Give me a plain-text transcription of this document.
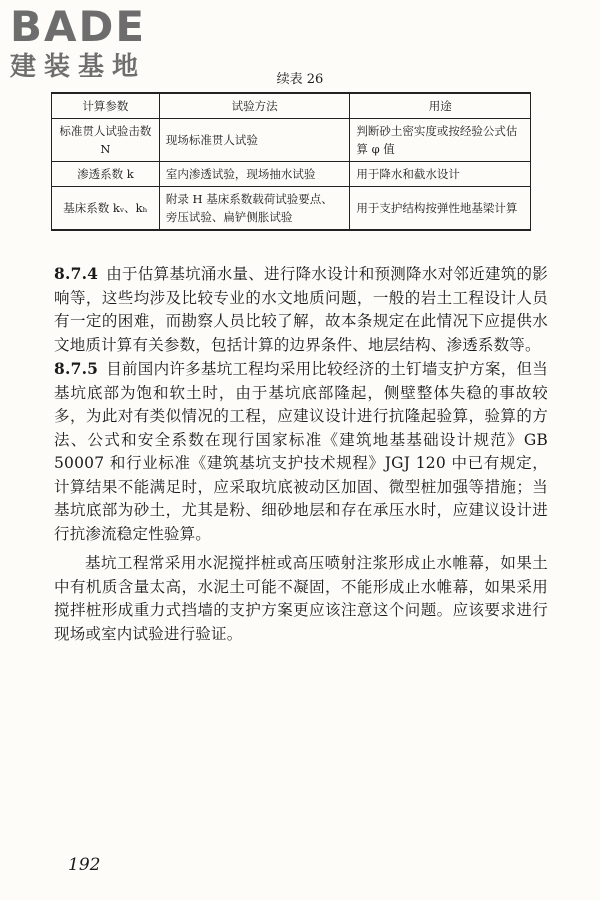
BADE
建装基地	续表 26
计算参数	试验方法	用途
标准贯人试验击数 N	现场标准贯人试验	判断砂土密实度或按经验公式估算 φ 值
渗透系数 k	室内渗透试验，现场抽水试验	用于降水和截水设计
基床系数 kᵥ、kₕ	附录 H 基床系数载荷试验要点、旁压试验、扁铲侧胀试验	用于支护结构按弹性地基梁计算

8.7.4 由于估算基坑涌水量、进行降水设计和预测降水对邻近建筑的影响等，这些均涉及比较专业的水文地质问题，一般的岩土工程设计人员有一定的困难，而勘察人员比较了解，故本条规定在此情况下应提供水文地质计算有关参数，包括计算的边界条件、地层结构、渗透系数等。

8.7.5 目前国内许多基坑工程均采用比较经济的土钉墙支护方案，但当基坑底部为饱和软土时，由于基坑底部隆起，侧壁整体失稳的事故较多，为此对有类似情况的工程，应建议设计进行抗隆起验算，验算的方法、公式和安全系数在现行国家标准《建筑地基基础设计规范》GB 50007 和行业标准《建筑基坑支护技术规程》JGJ 120 中已有规定，计算结果不能满足时，应采取坑底被动区加固、微型桩加强等措施；当基坑底部为砂土，尤其是粉、细砂地层和存在承压水时，应建议设计进行抗渗流稳定性验算。

基坑工程常采用水泥搅拌桩或高压喷射注浆形成止水帷幕，如果土中有机质含量太高，水泥土可能不凝固，不能形成止水帷幕，如果采用搅拌桩形成重力式挡墙的支护方案更应该注意这个问题。应该要求进行现场或室内试验进行验证。

192
